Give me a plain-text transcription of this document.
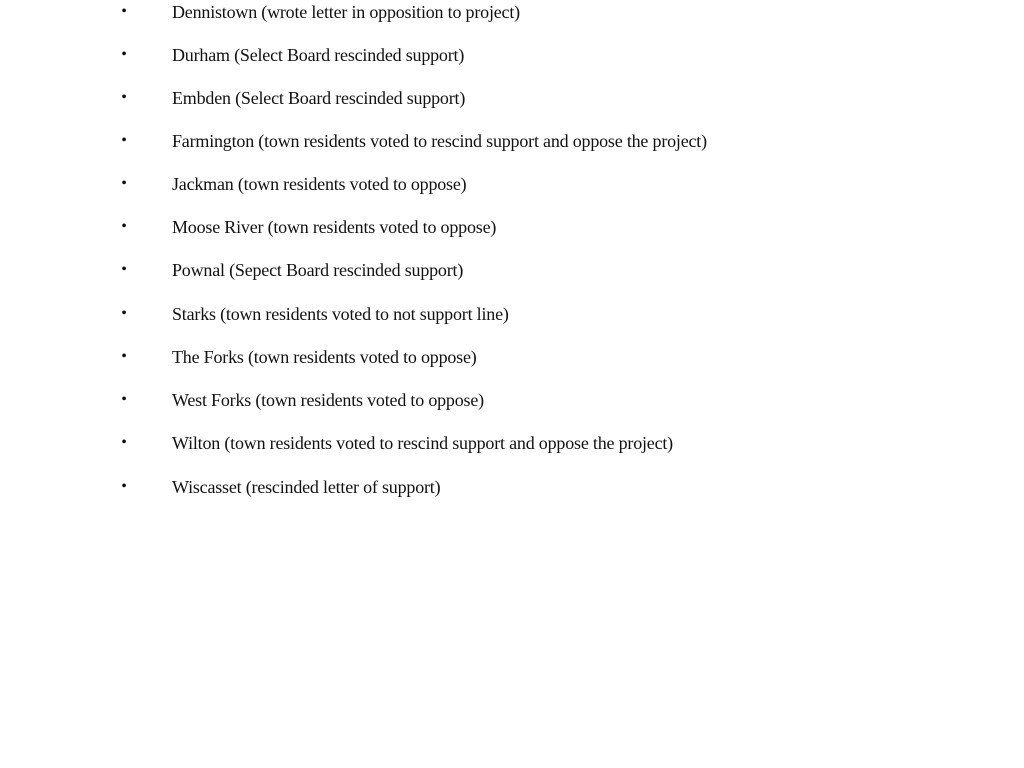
•	Dennistown (wrote letter in opposition to project)
•	Durham (Select Board rescinded support)
•	Embden (Select Board rescinded support)
•	Farmington (town residents voted to rescind support and oppose the project)
•	Jackman (town residents voted to oppose)
•	Moose River (town residents voted to oppose)
•	Pownal (Sepect Board rescinded support)
•	Starks (town residents voted to not support line)
•	The Forks (town residents voted to oppose)
•	West Forks (town residents voted to oppose)
•	Wilton (town residents voted to rescind support and oppose the project)
•	Wiscasset (rescinded letter of support)
